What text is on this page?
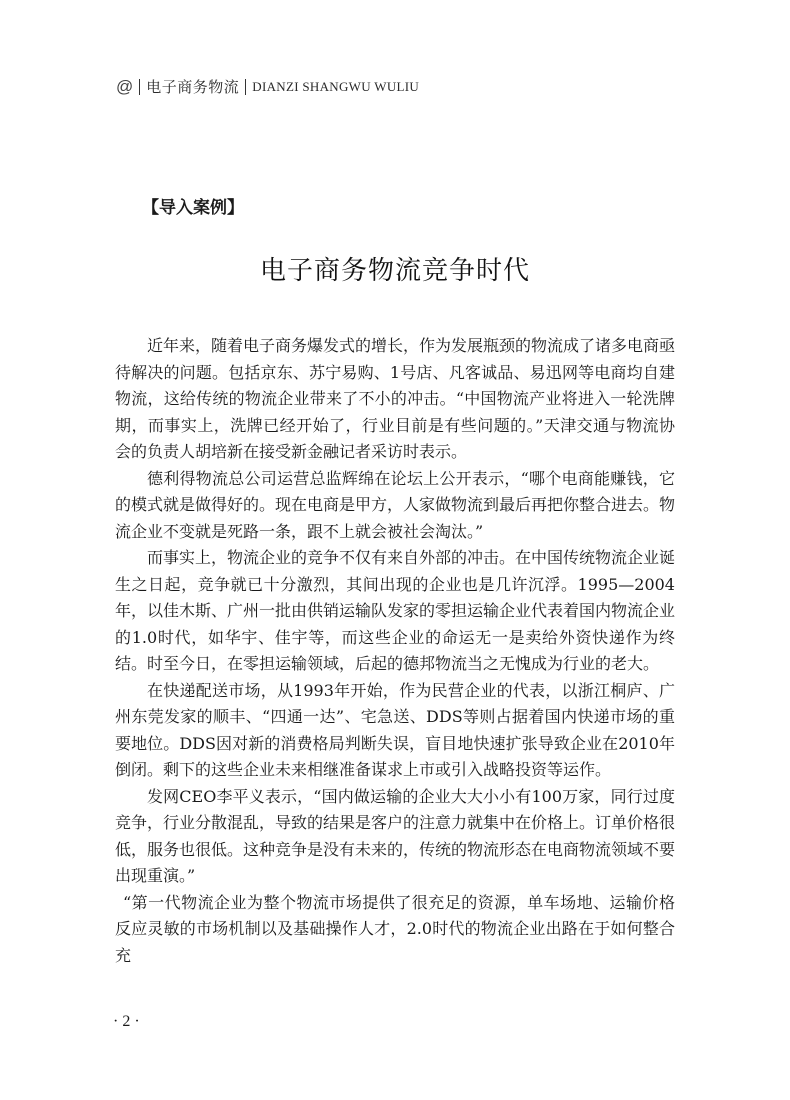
@ 电子商务物流 DIANZI SHANGWU WULIU
【导入案例】
电子商务物流竞争时代

近年来，随着电子商务爆发式的增长，作为发展瓶颈的物流成了诸多电商亟待解决的问题。包括京东、苏宁易购、1号店、凡客诚品、易迅网等电商均自建物流，这给传统的物流企业带来了不小的冲击。“中国物流产业将进入一轮洗牌期，而事实上，洗牌已经开始了，行业目前是有些问题的。”天津交通与物流协会的负责人胡培新在接受新金融记者采访时表示。

德利得物流总公司运营总监辉绵在论坛上公开表示，“哪个电商能赚钱，它的模式就是做得好的。现在电商是甲方，人家做物流到最后再把你整合进去。物流企业不变就是死路一条，跟不上就会被社会淘汰。”

而事实上，物流企业的竞争不仅有来自外部的冲击。在中国传统物流企业诞生之日起，竞争就已十分激烈，其间出现的企业也是几许沉浮。1995—2004年，以佳木斯、广州一批由供销运输队发家的零担运输企业代表着国内物流企业的1.0时代，如华宇、佳宇等，而这些企业的命运无一是卖给外资快递作为终结。时至今日，在零担运输领域，后起的德邦物流当之无愧成为行业的老大。

在快递配送市场，从1993年开始，作为民营企业的代表，以浙江桐庐、广州东莞发家的顺丰、“四通一达”、宅急送、DDS等则占据着国内快递市场的重要地位。DDS因对新的消费格局判断失误，盲目地快速扩张导致企业在2010年倒闭。剩下的这些企业未来相继准备谋求上市或引入战略投资等运作。

发网CEO李平义表示，“国内做运输的企业大大小小有100万家，同行过度竞争，行业分散混乱，导致的结果是客户的注意力就集中在价格上。订单价格很低，服务也很低。这种竞争是没有未来的，传统的物流形态在电商物流领域不要出现重演。”

“第一代物流企业为整个物流市场提供了很充足的资源，单车场地、运输价格反应灵敏的市场机制以及基础操作人才，2.0时代的物流企业出路在于如何整合充

· 2 ·
